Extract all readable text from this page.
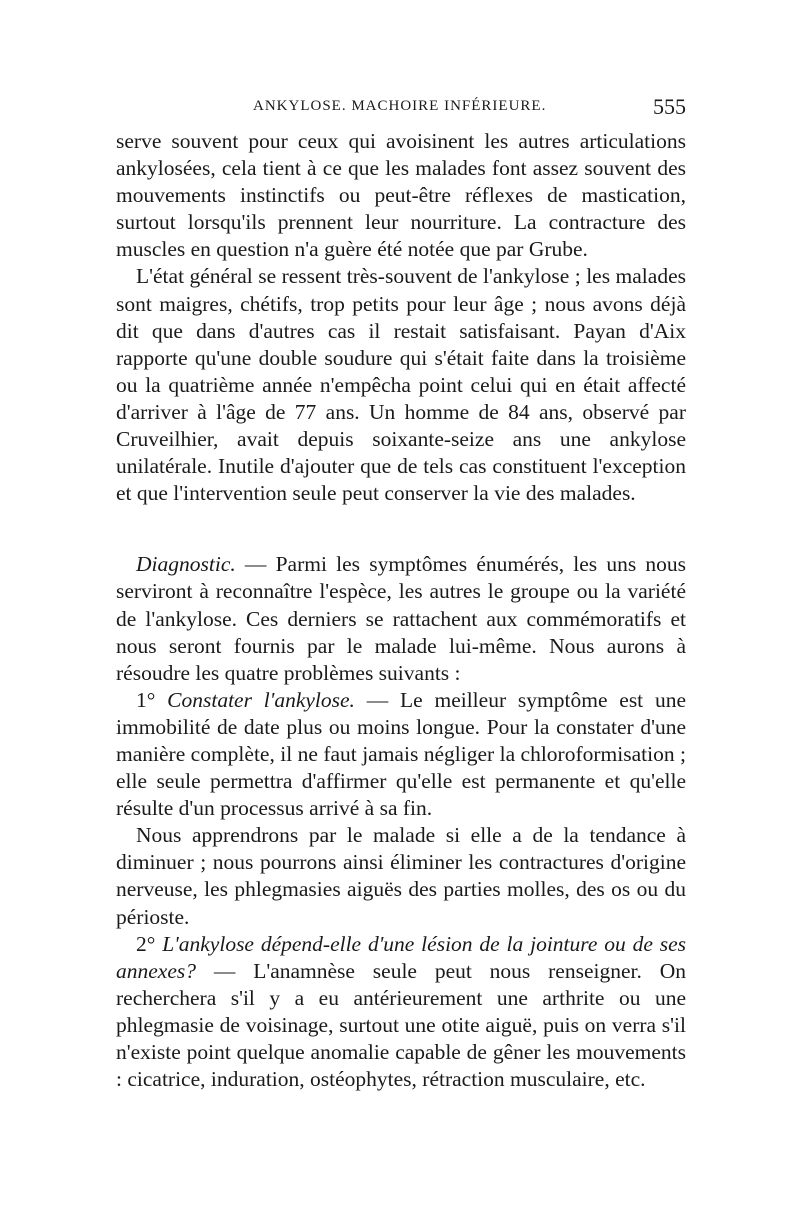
ANKYLOSE. MACHOIRE INFÉRIEURE.	555

serve souvent pour ceux qui avoisinent les autres articulations ankylosées, cela tient à ce que les malades font assez souvent des mouvements instinctifs ou peut-être réflexes de mastication, surtout lorsqu'ils prennent leur nourriture. La contracture des muscles en question n'a guère été notée que par Grube.

L'état général se ressent très-souvent de l'ankylose ; les malades sont maigres, chétifs, trop petits pour leur âge ; nous avons déjà dit que dans d'autres cas il restait satisfaisant. Payan d'Aix rapporte qu'une double soudure qui s'était faite dans la troisième ou la quatrième année n'empêcha point celui qui en était affecté d'arriver à l'âge de 77 ans. Un homme de 84 ans, observé par Cruveilhier, avait depuis soixante-seize ans une ankylose unilatérale. Inutile d'ajouter que de tels cas constituent l'exception et que l'intervention seule peut conserver la vie des malades.

Diagnostic. — Parmi les symptômes énumérés, les uns nous serviront à reconnaître l'espèce, les autres le groupe ou la variété de l'ankylose. Ces derniers se rattachent aux commémoratifs et nous seront fournis par le malade lui-même. Nous aurons à résoudre les quatre problèmes suivants :

1° Constater l'ankylose. — Le meilleur symptôme est une immobilité de date plus ou moins longue. Pour la constater d'une manière complète, il ne faut jamais négliger la chloroformisation ; elle seule permettra d'affirmer qu'elle est permanente et qu'elle résulte d'un processus arrivé à sa fin.

Nous apprendrons par le malade si elle a de la tendance à diminuer ; nous pourrons ainsi éliminer les contractures d'origine nerveuse, les phlegmasies aiguës des parties molles, des os ou du périoste.

2° L'ankylose dépend-elle d'une lésion de la jointure ou de ses annexes? — L'anamnèse seule peut nous renseigner. On recherchera s'il y a eu antérieurement une arthrite ou une phlegmasie de voisinage, surtout une otite aiguë, puis on verra s'il n'existe point quelque anomalie capable de gêner les mouvements : cicatrice, induration, ostéophytes, rétraction musculaire, etc.
